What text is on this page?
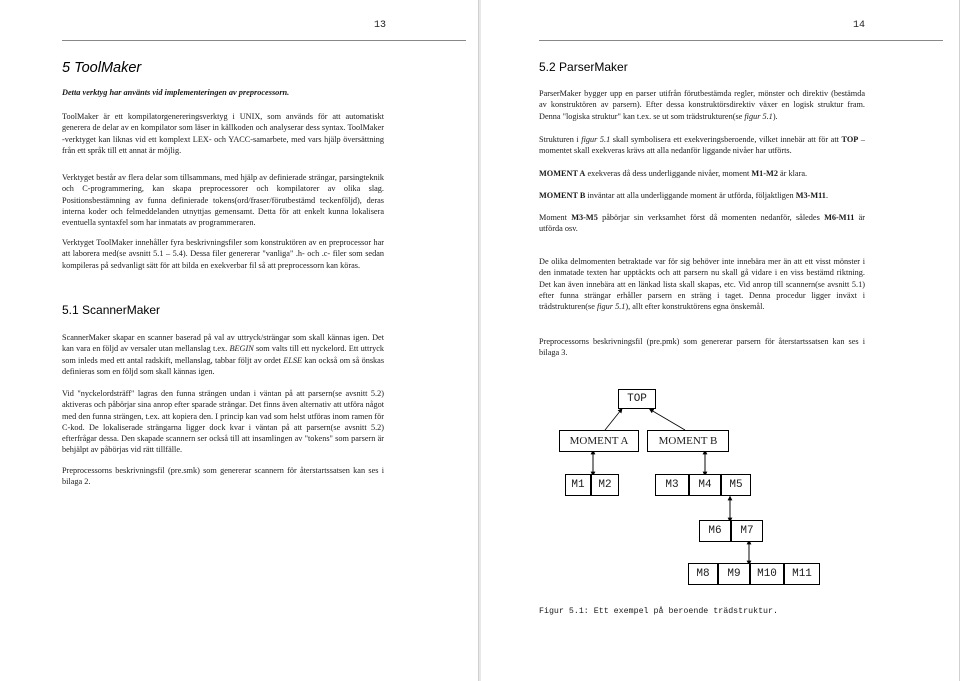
13
5 ToolMaker
Detta verktyg har använts vid implementeringen av preprocessorn.

ToolMaker är ett kompilatorgenereringsverktyg i UNIX, som används för att automatiskt generera de delar av en kompilator som läser in källkoden och analyserar dess syntax. ToolMaker -verktyget kan liknas vid ett komplext LEX- och YACC-samarbete, med vars hjälp översättning från ett språk till ett annat är möjlig.

Verktyget består av flera delar som tillsammans, med hjälp av definierade strängar, parsingteknik och C-programmering, kan skapa preprocessorer och kompilatorer av olika slag. Positionsbestämning av funna definierade tokens(ord/fraser/förutbestämd teckenföljd), deras interna koder och felmeddelanden utnyttjas gemensamt. Detta för att enkelt kunna lokalisera eventuella syntaxfel som har inmatats av programmeraren.

Verktyget ToolMaker innehåller fyra beskrivningsfiler som konstruktören av en preprocessor har att laborera med(se avsnitt 5.1 – 5.4). Dessa filer genererar "vanliga" .h- och .c- filer som sedan kompileras på sedvanligt sätt för att bilda en exekverbar fil så att preprocessorn kan köras.

5.1 ScannerMaker

ScannerMaker skapar en scanner baserad på val av uttryck/strängar som skall kännas igen. Det kan vara en följd av versaler utan mellanslag t.ex. BEGIN som valts till ett nyckelord. Ett uttryck som inleds med ett antal radskift, mellanslag, tabbar följt av ordet ELSE kan också om så önskas definieras som en följd som skall kännas igen.

Vid "nyckelordsträff" lagras den funna strängen undan i väntan på att parsern(se avsnitt 5.2) aktiveras och påbörjar sina anrop efter sparade strängar. Det finns även alternativ att utföra något med den funna strängen, t.ex. att kopiera den. I princip kan vad som helst utföras inom ramen för C-kod. De lokaliserade strängarna ligger dock kvar i väntan på att parsern(se avsnitt 5.2) efterfrågar dessa. Den skapade scannern ser också till att insamlingen av "tokens" som parsern är behjälpt av påbörjas vid rätt tillfälle.

Preprocessorns beskrivningsfil (pre.smk) som genererar scannern för återstartssatsen kan ses i bilaga 2.

14
5.2 ParserMaker

ParserMaker bygger upp en parser utifrån förutbestämda regler, mönster och direktiv (bestämda av konstruktören av parsern). Efter dessa konstruktörsdirektiv växer en logisk struktur fram. Denna "logiska struktur" kan t.ex. se ut som trädstrukturen(se figur 5.1).

Strukturen i figur 5.1 skall symbolisera ett exekveringsberoende, vilket innebär att för att TOP –momentet skall exekveras krävs att alla nedanför liggande nivåer har utförts.

MOMENT A exekveras då dess underliggande nivåer, moment M1-M2 är klara.

MOMENT B inväntar att alla underliggande moment är utförda, följaktligen M3-M11.

Moment M3-M5 påbörjar sin verksamhet först då momenten nedanför, således M6-M11 är utförda osv.

De olika delmomenten betraktade var för sig behöver inte innebära mer än att ett visst mönster i den inmatade texten har upptäckts och att parsern nu skall gå vidare i en viss bestämd riktning. Det kan även innebära att en länkad lista skall skapas, etc. Vid anrop till scannern(se avsnitt 5.1) efter funna strängar erhåller parsern en sträng i taget. Denna procedur ligger inväxt i trädstrukturen(se figur 5.1), allt efter konstruktörens egna önskemål.

Preprocessorns beskrivningsfil (pre.pmk) som genererar parsern för återstartssatsen kan ses i bilaga 3.

TOP
MOMENT A	MOMENT B
M1	M2	M3	M4	M5
M6	M7
M8	M9	M10	M11
Figur 5.1: Ett exempel på beroende trädstruktur.
